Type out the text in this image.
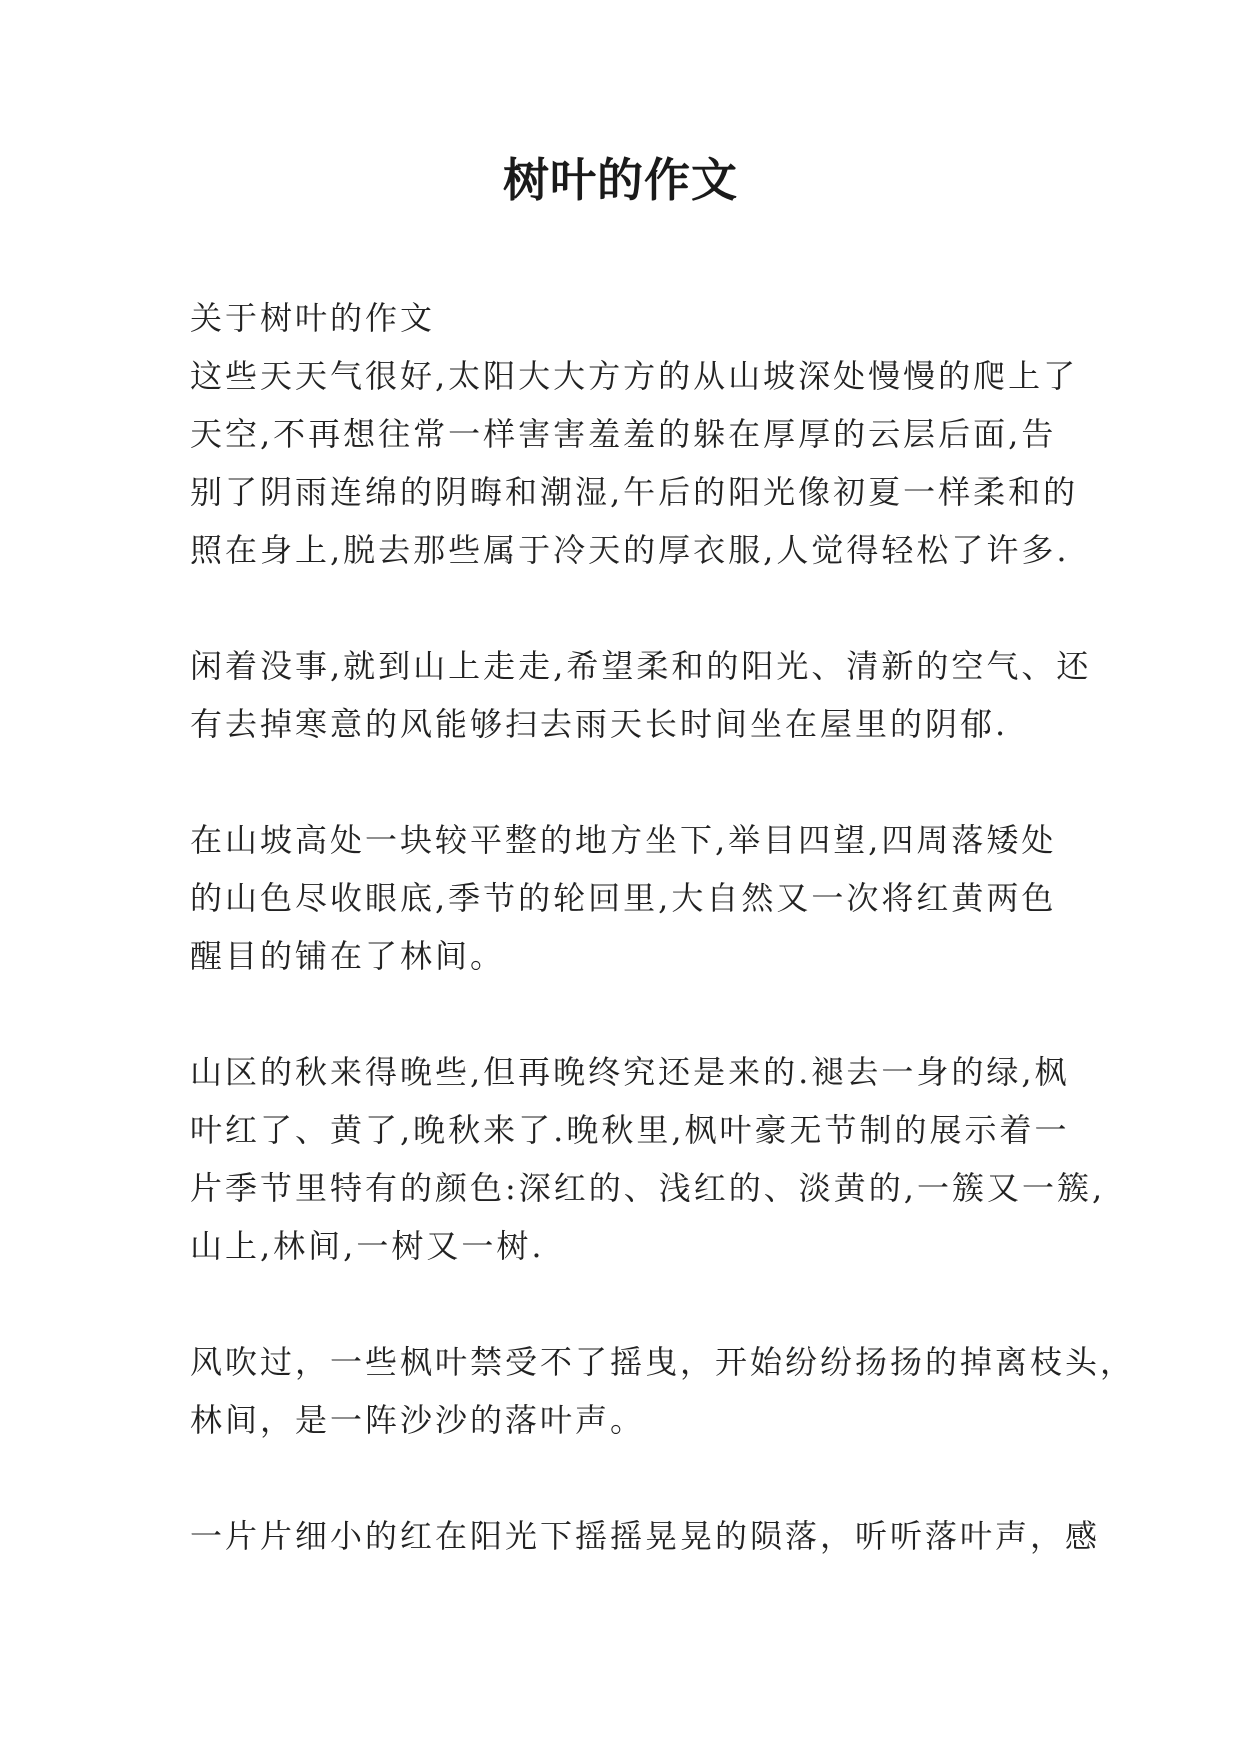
树叶的作文
关于树叶的作文
这些天天气很好,太阳大大方方的从山坡深处慢慢的爬上了
天空,不再想往常一样害害羞羞的躲在厚厚的云层后面,告
别了阴雨连绵的阴晦和潮湿,午后的阳光像初夏一样柔和的
照在身上,脱去那些属于冷天的厚衣服,人觉得轻松了许多.
闲着没事,就到山上走走,希望柔和的阳光、清新的空气、还
有去掉寒意的风能够扫去雨天长时间坐在屋里的阴郁.
在山坡高处一块较平整的地方坐下,举目四望,四周落矮处
的山色尽收眼底,季节的轮回里,大自然又一次将红黄两色
醒目的铺在了林间。
山区的秋来得晚些,但再晚终究还是来的.褪去一身的绿,枫
叶红了、黄了,晚秋来了.晚秋里,枫叶豪无节制的展示着一
片季节里特有的颜色:深红的、浅红的、淡黄的,一簇又一簇,
山上,林间,一树又一树.
风吹过，一些枫叶禁受不了摇曳，开始纷纷扬扬的掉离枝头，
林间，是一阵沙沙的落叶声。
一片片细小的红在阳光下摇摇晃晃的陨落，听听落叶声，感
